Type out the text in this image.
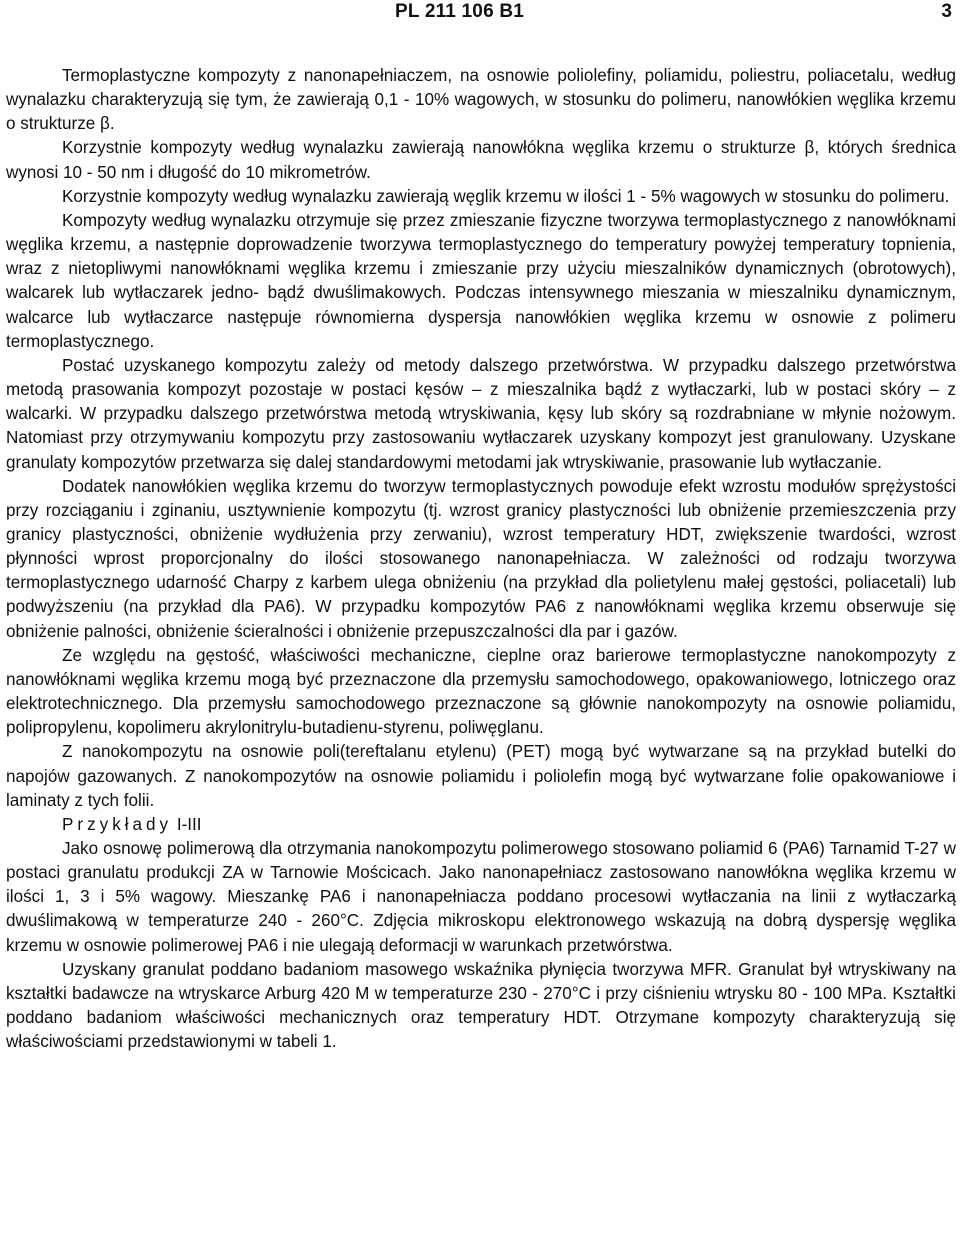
PL 211 106 B1	3

Termoplastyczne kompozyty z nanonapełniaczem, na osnowie poliolefiny, poliamidu, poliestru, poliacetalu, według wynalazku charakteryzują się tym, że zawierają 0,1 - 10% wagowych, w stosunku do polimeru, nanowłókien węglika krzemu o strukturze β.

Korzystnie kompozyty według wynalazku zawierają nanowłókna węglika krzemu o strukturze β, których średnica wynosi 10 - 50 nm i długość do 10 mikrometrów.

Korzystnie kompozyty według wynalazku zawierają węglik krzemu w ilości 1 - 5% wagowych w stosunku do polimeru.

Kompozyty według wynalazku otrzymuje się przez zmieszanie fizyczne tworzywa termoplastycznego z nanowłóknami węglika krzemu, a następnie doprowadzenie tworzywa termoplastycznego do temperatury powyżej temperatury topnienia, wraz z nietopliwymi nanowłóknami węglika krzemu i zmieszanie przy użyciu mieszalników dynamicznych (obrotowych), walcarek lub wytłaczarek jedno- bądź dwuślimakowych. Podczas intensywnego mieszania w mieszalniku dynamicznym, walcarce lub wytłaczarce następuje równomierna dyspersja nanowłókien węglika krzemu w osnowie z polimeru termoplastycznego.

Postać uzyskanego kompozytu zależy od metody dalszego przetwórstwa. W przypadku dalszego przetwórstwa metodą prasowania kompozyt pozostaje w postaci kęsów – z mieszalnika bądź z wytłaczarki, lub w postaci skóry – z walcarki. W przypadku dalszego przetwórstwa metodą wtryskiwania, kęsy lub skóry są rozdrabniane w młynie nożowym. Natomiast przy otrzymywaniu kompozytu przy zastosowaniu wytłaczarek uzyskany kompozyt jest granulowany. Uzyskane granulaty kompozytów przetwarza się dalej standardowymi metodami jak wtryskiwanie, prasowanie lub wytłaczanie.

Dodatek nanowłókien węglika krzemu do tworzyw termoplastycznych powoduje efekt wzrostu modułów sprężystości przy rozciąganiu i zginaniu, usztywnienie kompozytu (tj. wzrost granicy plastyczności lub obniżenie przemieszczenia przy granicy plastyczności, obniżenie wydłużenia przy zerwaniu), wzrost temperatury HDT, zwiększenie twardości, wzrost płynności wprost proporcjonalny do ilości stosowanego nanonapełniacza. W zależności od rodzaju tworzywa termoplastycznego udarność Charpy z karbem ulega obniżeniu (na przykład dla polietylenu małej gęstości, poliacetali) lub podwyższeniu (na przykład dla PA6). W przypadku kompozytów PA6 z nanowłóknami węglika krzemu obserwuje się obniżenie palności, obniżenie ścieralności i obniżenie przepuszczalności dla par i gazów.

Ze względu na gęstość, właściwości mechaniczne, cieplne oraz barierowe termoplastyczne nanokompozyty z nanowłóknami węglika krzemu mogą być przeznaczone dla przemysłu samochodowego, opakowaniowego, lotniczego oraz elektrotechnicznego. Dla przemysłu samochodowego przeznaczone są głównie nanokompozyty na osnowie poliamidu, polipropylenu, kopolimeru akrylonitrylu-butadienu-styrenu, poliwęglanu.

Z nanokompozytu na osnowie poli(tereftalanu etylenu) (PET) mogą być wytwarzane są na przykład butelki do napojów gazowanych. Z nanokompozytów na osnowie poliamidu i poliolefin mogą być wytwarzane folie opakowaniowe i laminaty z tych folii.

Przykłady I-III

Jako osnowę polimerową dla otrzymania nanokompozytu polimerowego stosowano poliamid 6 (PA6) Tarnamid T-27 w postaci granulatu produkcji ZA w Tarnowie Mościcach. Jako nanonapełniacz zastosowano nanowłókna węglika krzemu w ilości 1, 3 i 5% wagowy. Mieszankę PA6 i nanonapełniacza poddano procesowi wytłaczania na linii z wytłaczarką dwuślimakową w temperaturze 240 - 260°C. Zdjęcia mikroskopu elektronowego wskazują na dobrą dyspersję węglika krzemu w osnowie polimerowej PA6 i nie ulegają deformacji w warunkach przetwórstwa.

Uzyskany granulat poddano badaniom masowego wskaźnika płynięcia tworzywa MFR. Granulat był wtryskiwany na kształtki badawcze na wtryskarce Arburg 420 M w temperaturze 230 - 270°C i przy ciśnieniu wtrysku 80 - 100 MPa. Kształtki poddano badaniom właściwości mechanicznych oraz temperatury HDT. Otrzymane kompozyty charakteryzują się właściwościami przedstawionymi w tabeli 1.
